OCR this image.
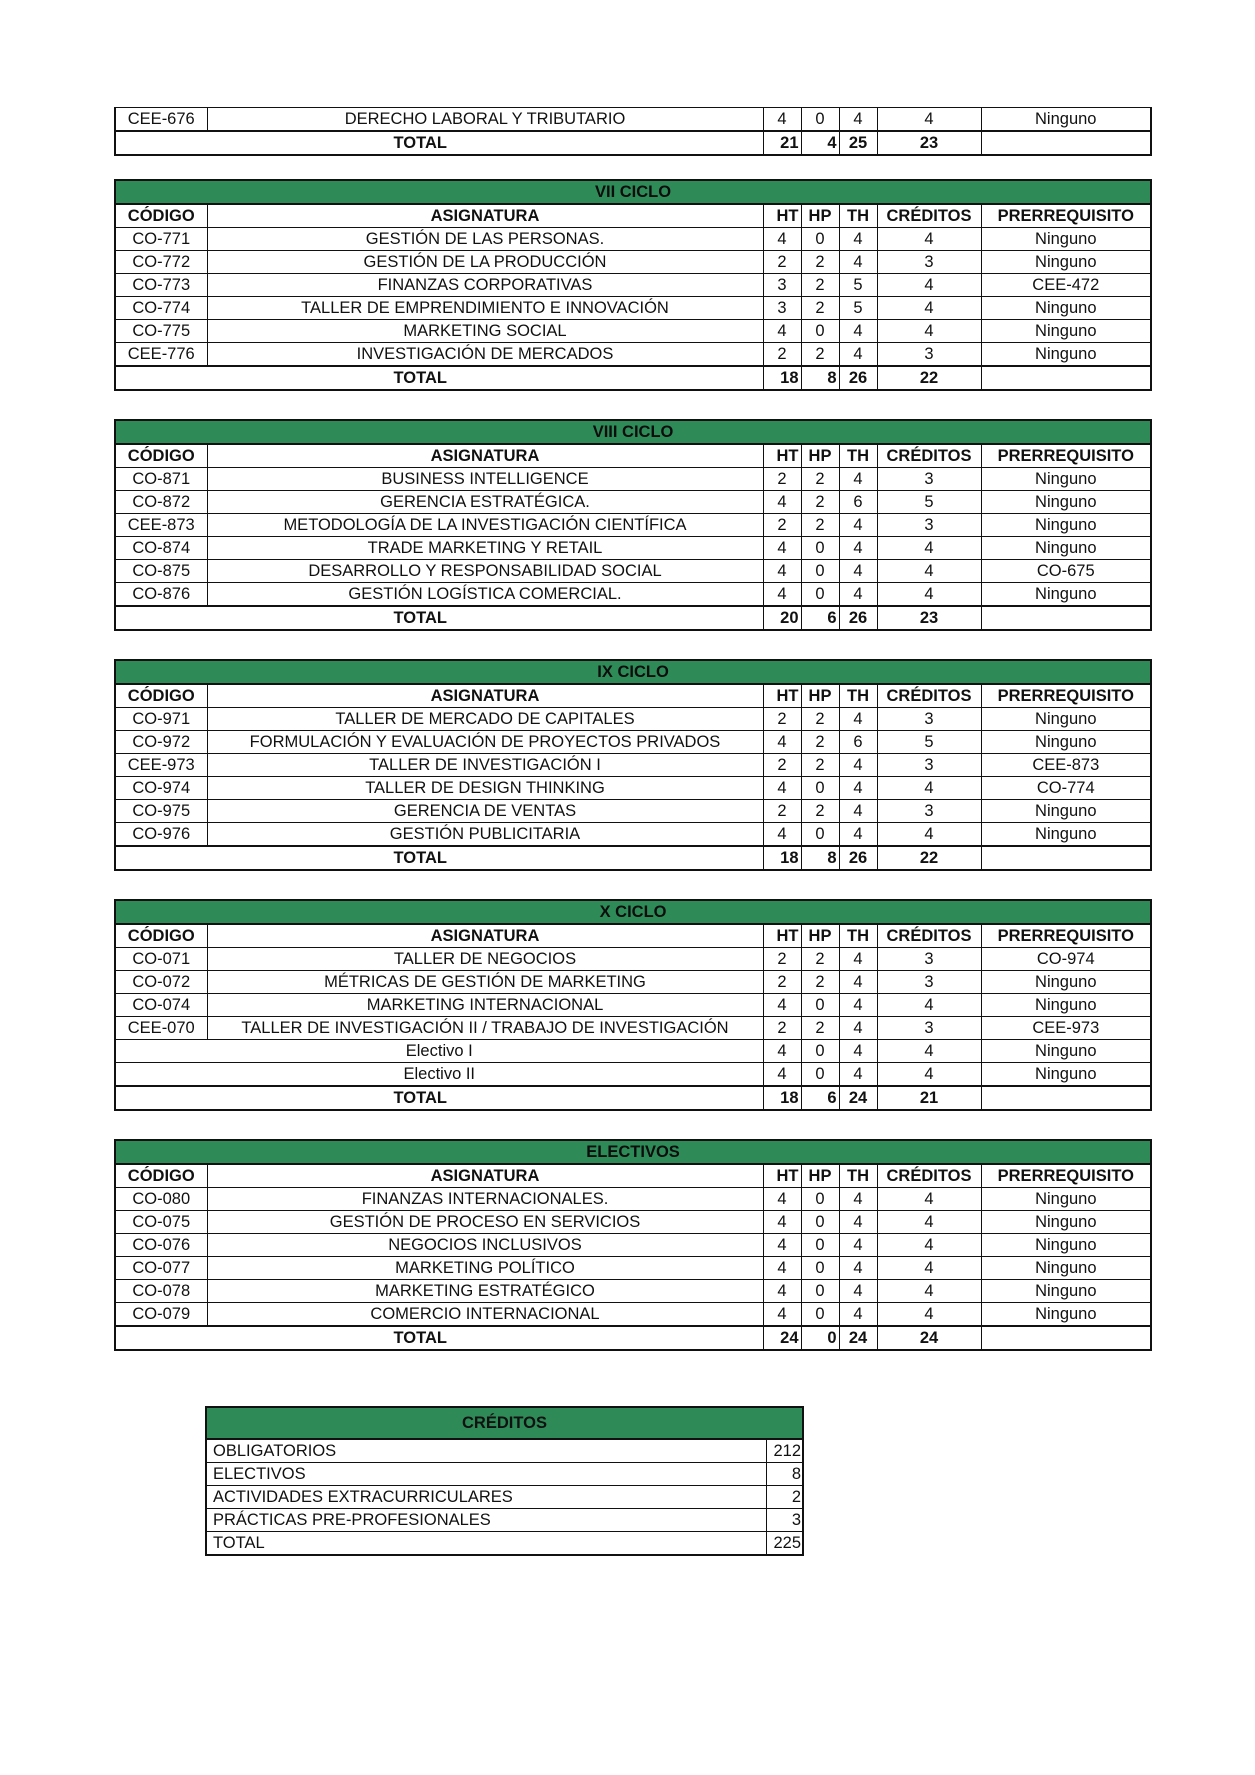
CEE-676	DERECHO LABORAL Y TRIBUTARIO	4	0	4	4	Ninguno
TOTAL		21	4	25	23	
VII CICLO						
CÓDIGO	ASIGNATURA	HT	HP	TH	CRÉDITOS	PRERREQUISITO
CO-771	GESTIÓN DE LAS PERSONAS.	4	0	4	4	Ninguno
CO-772	GESTIÓN DE LA PRODUCCIÓN	2	2	4	3	Ninguno
CO-773	FINANZAS CORPORATIVAS	3	2	5	4	CEE-472
CO-774	TALLER DE EMPRENDIMIENTO E INNOVACIÓN	3	2	5	4	Ninguno
CO-775	MARKETING SOCIAL	4	0	4	4	Ninguno
CEE-776	INVESTIGACIÓN DE MERCADOS	2	2	4	3	Ninguno
TOTAL		18	8	26	22	
VIII CICLO						
CÓDIGO	ASIGNATURA	HT	HP	TH	CRÉDITOS	PRERREQUISITO
CO-871	BUSINESS INTELLIGENCE	2	2	4	3	Ninguno
CO-872	GERENCIA ESTRATÉGICA.	4	2	6	5	Ninguno
CEE-873	METODOLOGÍA DE LA INVESTIGACIÓN CIENTÍFICA	2	2	4	3	Ninguno
CO-874	TRADE MARKETING Y RETAIL	4	0	4	4	Ninguno
CO-875	DESARROLLO Y RESPONSABILIDAD SOCIAL	4	0	4	4	CO-675
CO-876	GESTIÓN LOGÍSTICA COMERCIAL.	4	0	4	4	Ninguno
TOTAL		20	6	26	23	
IX CICLO						
CÓDIGO	ASIGNATURA	HT	HP	TH	CRÉDITOS	PRERREQUISITO
CO-971	TALLER DE MERCADO DE CAPITALES	2	2	4	3	Ninguno
CO-972	FORMULACIÓN Y EVALUACIÓN DE PROYECTOS PRIVADOS	4	2	6	5	Ninguno
CEE-973	TALLER DE INVESTIGACIÓN I	2	2	4	3	CEE-873
CO-974	TALLER DE DESIGN THINKING	4	0	4	4	CO-774
CO-975	GERENCIA DE VENTAS	2	2	4	3	Ninguno
CO-976	GESTIÓN PUBLICITARIA	4	0	4	4	Ninguno
TOTAL		18	8	26	22	
X CICLO						
CÓDIGO	ASIGNATURA	HT	HP	TH	CRÉDITOS	PRERREQUISITO
CO-071	TALLER DE NEGOCIOS	2	2	4	3	CO-974
CO-072	MÉTRICAS DE GESTIÓN DE MARKETING	2	2	4	3	Ninguno
CO-074	MARKETING INTERNACIONAL	4	0	4	4	Ninguno
CEE-070	TALLER DE INVESTIGACIÓN II / TRABAJO DE INVESTIGACIÓN	2	2	4	3	CEE-973
Electivo I		4	0	4	4	Ninguno
Electivo II		4	0	4	4	Ninguno
TOTAL		18	6	24	21	
ELECTIVOS						
CÓDIGO	ASIGNATURA	HT	HP	TH	CRÉDITOS	PRERREQUISITO
CO-080	FINANZAS INTERNACIONALES.	4	0	4	4	Ninguno
CO-075	GESTIÓN DE PROCESO EN SERVICIOS	4	0	4	4	Ninguno
CO-076	NEGOCIOS INCLUSIVOS	4	0	4	4	Ninguno
CO-077	MARKETING POLÍTICO	4	0	4	4	Ninguno
CO-078	MARKETING ESTRATÉGICO	4	0	4	4	Ninguno
CO-079	COMERCIO INTERNACIONAL	4	0	4	4	Ninguno
TOTAL		24	0	24	24	
CRÉDITOS	
OBLIGATORIOS	212
ELECTIVOS	8
ACTIVIDADES EXTRACURRICULARES	2
PRÁCTICAS PRE-PROFESIONALES	3
TOTAL	225
